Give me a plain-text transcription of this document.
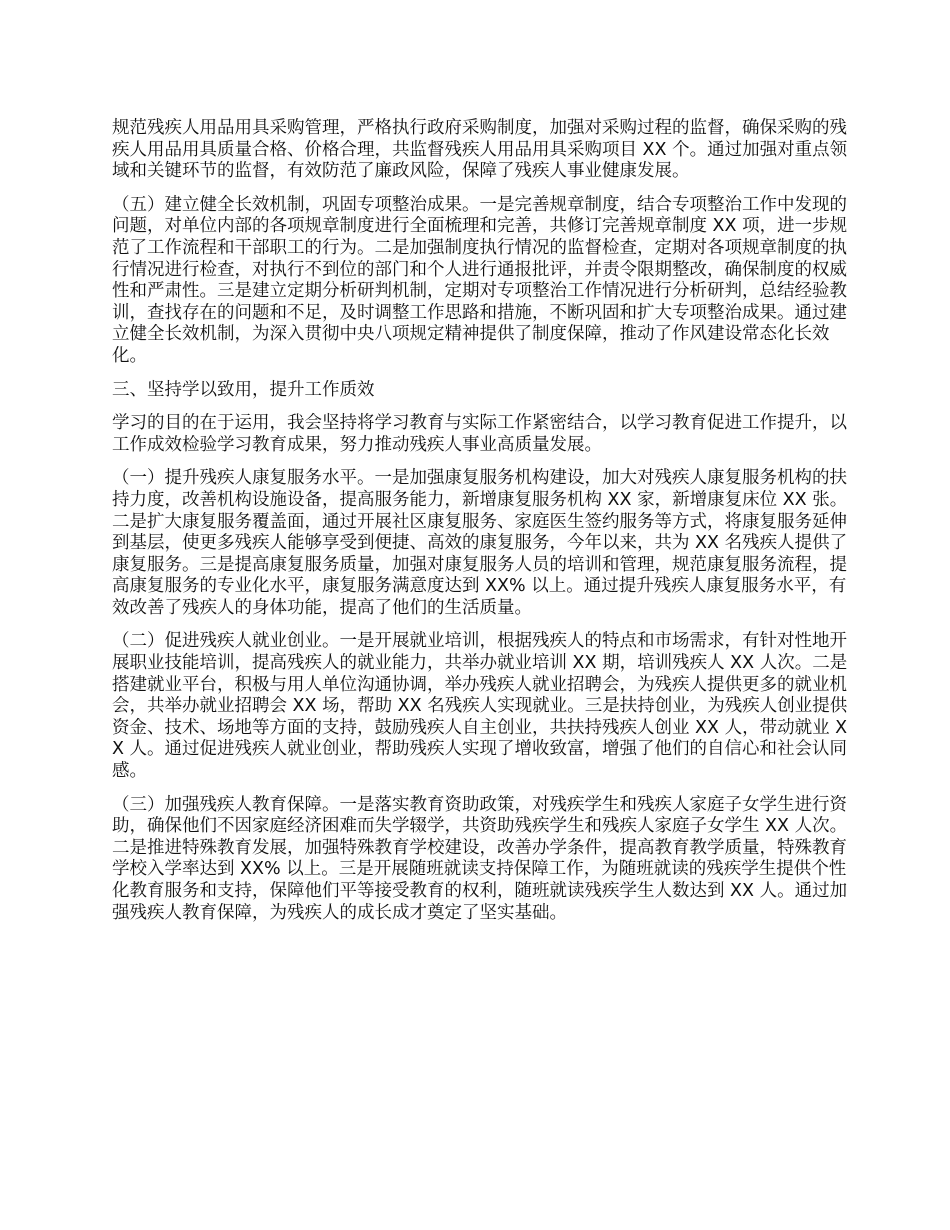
规范残疾人用品用具采购管理，严格执行政府采购制度，加强对采购过程的监督，确保采购的残疾人用品用具质量合格、价格合理，共监督残疾人用品用具采购项目 XX 个。通过加强对重点领域和关键环节的监督，有效防范了廉政风险，保障了残疾人事业健康发展。

（五）建立健全长效机制，巩固专项整治成果。一是完善规章制度，结合专项整治工作中发现的问题，对单位内部的各项规章制度进行全面梳理和完善，共修订完善规章制度 XX 项，进一步规范了工作流程和干部职工的行为。二是加强制度执行情况的监督检查，定期对各项规章制度的执行情况进行检查，对执行不到位的部门和个人进行通报批评，并责令限期整改，确保制度的权威性和严肃性。三是建立定期分析研判机制，定期对专项整治工作情况进行分析研判，总结经验教训，查找存在的问题和不足，及时调整工作思路和措施，不断巩固和扩大专项整治成果。通过建立健全长效机制，为深入贯彻中央八项规定精神提供了制度保障，推动了作风建设常态化长效化。

三、坚持学以致用，提升工作质效

学习的目的在于运用，我会坚持将学习教育与实际工作紧密结合，以学习教育促进工作提升，以工作成效检验学习教育成果，努力推动残疾人事业高质量发展。

（一）提升残疾人康复服务水平。一是加强康复服务机构建设，加大对残疾人康复服务机构的扶持力度，改善机构设施设备，提高服务能力，新增康复服务机构 XX 家，新增康复床位 XX 张。二是扩大康复服务覆盖面，通过开展社区康复服务、家庭医生签约服务等方式，将康复服务延伸到基层，使更多残疾人能够享受到便捷、高效的康复服务，今年以来，共为 XX 名残疾人提供了康复服务。三是提高康复服务质量，加强对康复服务人员的培训和管理，规范康复服务流程，提高康复服务的专业化水平，康复服务满意度达到 XX% 以上。通过提升残疾人康复服务水平，有效改善了残疾人的身体功能，提高了他们的生活质量。

（二）促进残疾人就业创业。一是开展就业培训，根据残疾人的特点和市场需求，有针对性地开展职业技能培训，提高残疾人的就业能力，共举办就业培训 XX 期，培训残疾人 XX 人次。二是搭建就业平台，积极与用人单位沟通协调，举办残疾人就业招聘会，为残疾人提供更多的就业机会，共举办就业招聘会 XX 场，帮助 XX 名残疾人实现就业。三是扶持创业，为残疾人创业提供资金、技术、场地等方面的支持，鼓励残疾人自主创业，共扶持残疾人创业 XX 人，带动就业 XX 人。通过促进残疾人就业创业，帮助残疾人实现了增收致富，增强了他们的自信心和社会认同感。

（三）加强残疾人教育保障。一是落实教育资助政策，对残疾学生和残疾人家庭子女学生进行资助，确保他们不因家庭经济困难而失学辍学，共资助残疾学生和残疾人家庭子女学生 XX 人次。二是推进特殊教育发展，加强特殊教育学校建设，改善办学条件，提高教育教学质量，特殊教育学校入学率达到 XX% 以上。三是开展随班就读支持保障工作，为随班就读的残疾学生提供个性化教育服务和支持，保障他们平等接受教育的权利，随班就读残疾学生人数达到 XX 人。通过加强残疾人教育保障，为残疾人的成长成才奠定了坚实基础。
